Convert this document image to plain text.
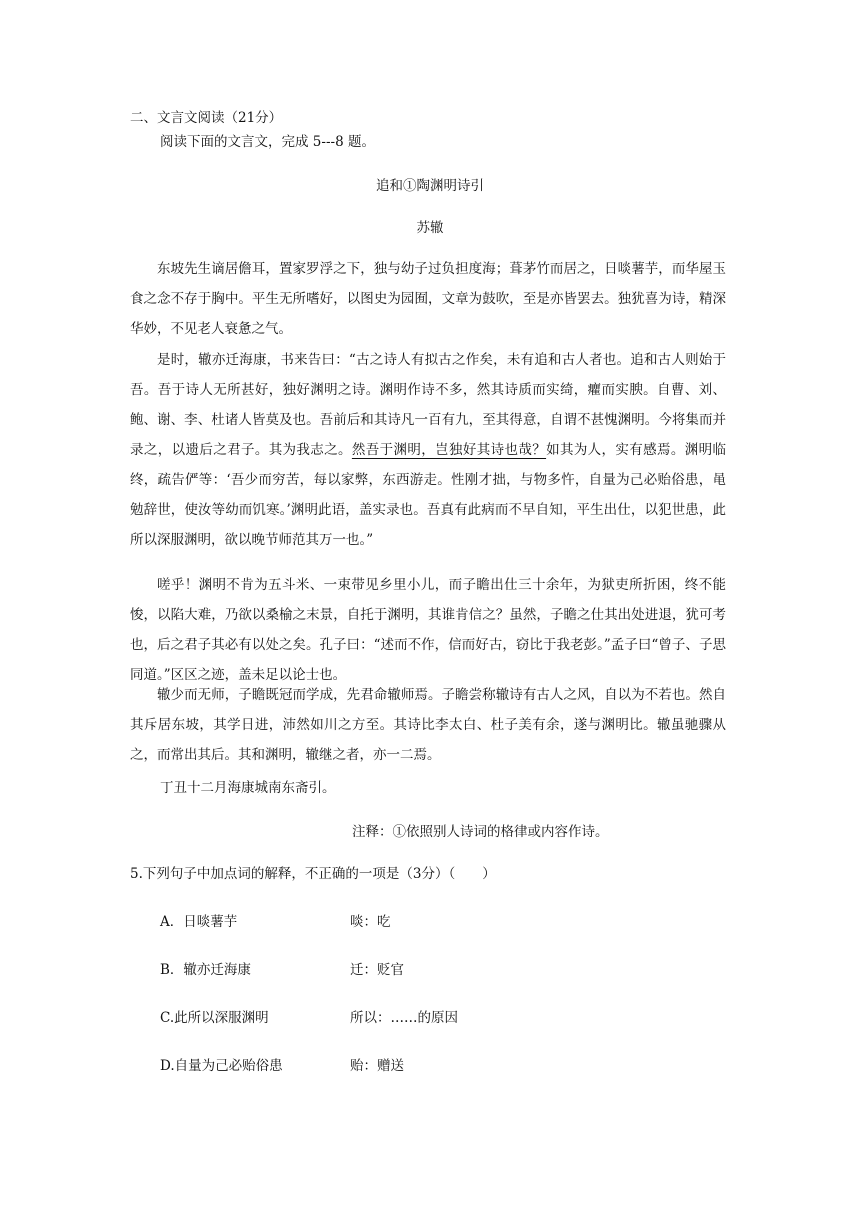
二、文言文阅读（21分）
阅读下面的文言文，完成 5---8 题。
追和①陶渊明诗引
苏辙
东坡先生谪居儋耳，置家罗浮之下，独与幼子过负担度海；葺茅竹而居之，日啖薯芋，而华屋玉食之念不存于胸中。平生无所嗜好，以图史为园囿，文章为鼓吹，至是亦皆罢去。独犹喜为诗，精深华妙，不见老人衰惫之气。
是时，辙亦迁海康，书来告曰：“古之诗人有拟古之作矣，未有追和古人者也。追和古人则始于吾。吾于诗人无所甚好，独好渊明之诗。渊明作诗不多，然其诗质而实绮，癯而实腴。自曹、刘、鲍、谢、李、杜诸人皆莫及也。吾前后和其诗凡一百有九，至其得意，自谓不甚愧渊明。今将集而并录之，以遗后之君子。其为我志之。然吾于渊明，岂独好其诗也哉？如其为人，实有感焉。渊明临终，疏告俨等：‘吾少而穷苦，每以家弊，东西游走。性刚才拙，与物多忤，自量为己必贻俗患，黾勉辞世，使汝等幼而饥寒。’渊明此语，盖实录也。吾真有此病而不早自知，平生出仕，以犯世患，此所以深服渊明，欲以晚节师范其万一也。”
嗟乎！渊明不肯为五斗米、一束带见乡里小儿，而子瞻出仕三十余年，为狱吏所折困，终不能悛，以陷大难，乃欲以桑榆之末景，自托于渊明，其谁肯信之？虽然，子瞻之仕其出处进退，犹可考也，后之君子其必有以处之矣。孔子曰：“述而不作，信而好古，窃比于我老彭。”孟子曰“曾子、子思同道。”区区之迹，盖未足以论士也。
辙少而无师，子瞻既冠而学成，先君命辙师焉。子瞻尝称辙诗有古人之风，自以为不若也。然自其斥居东坡，其学日进，沛然如川之方至。其诗比李太白、杜子美有余，遂与渊明比。辙虽驰骤从之，而常出其后。其和渊明，辙继之者，亦一二焉。
丁丑十二月海康城南东斋引。
注释：①依照别人诗词的格律或内容作诗。
5.下列句子中加点词的解释，不正确的一项是（3分）（　　）
A．日啖薯芋	啖：吃
B．辙亦迁海康	迁：贬官
C.此所以深服渊明	所以：……的原因
D.自量为己必贻俗患	贻：赠送
